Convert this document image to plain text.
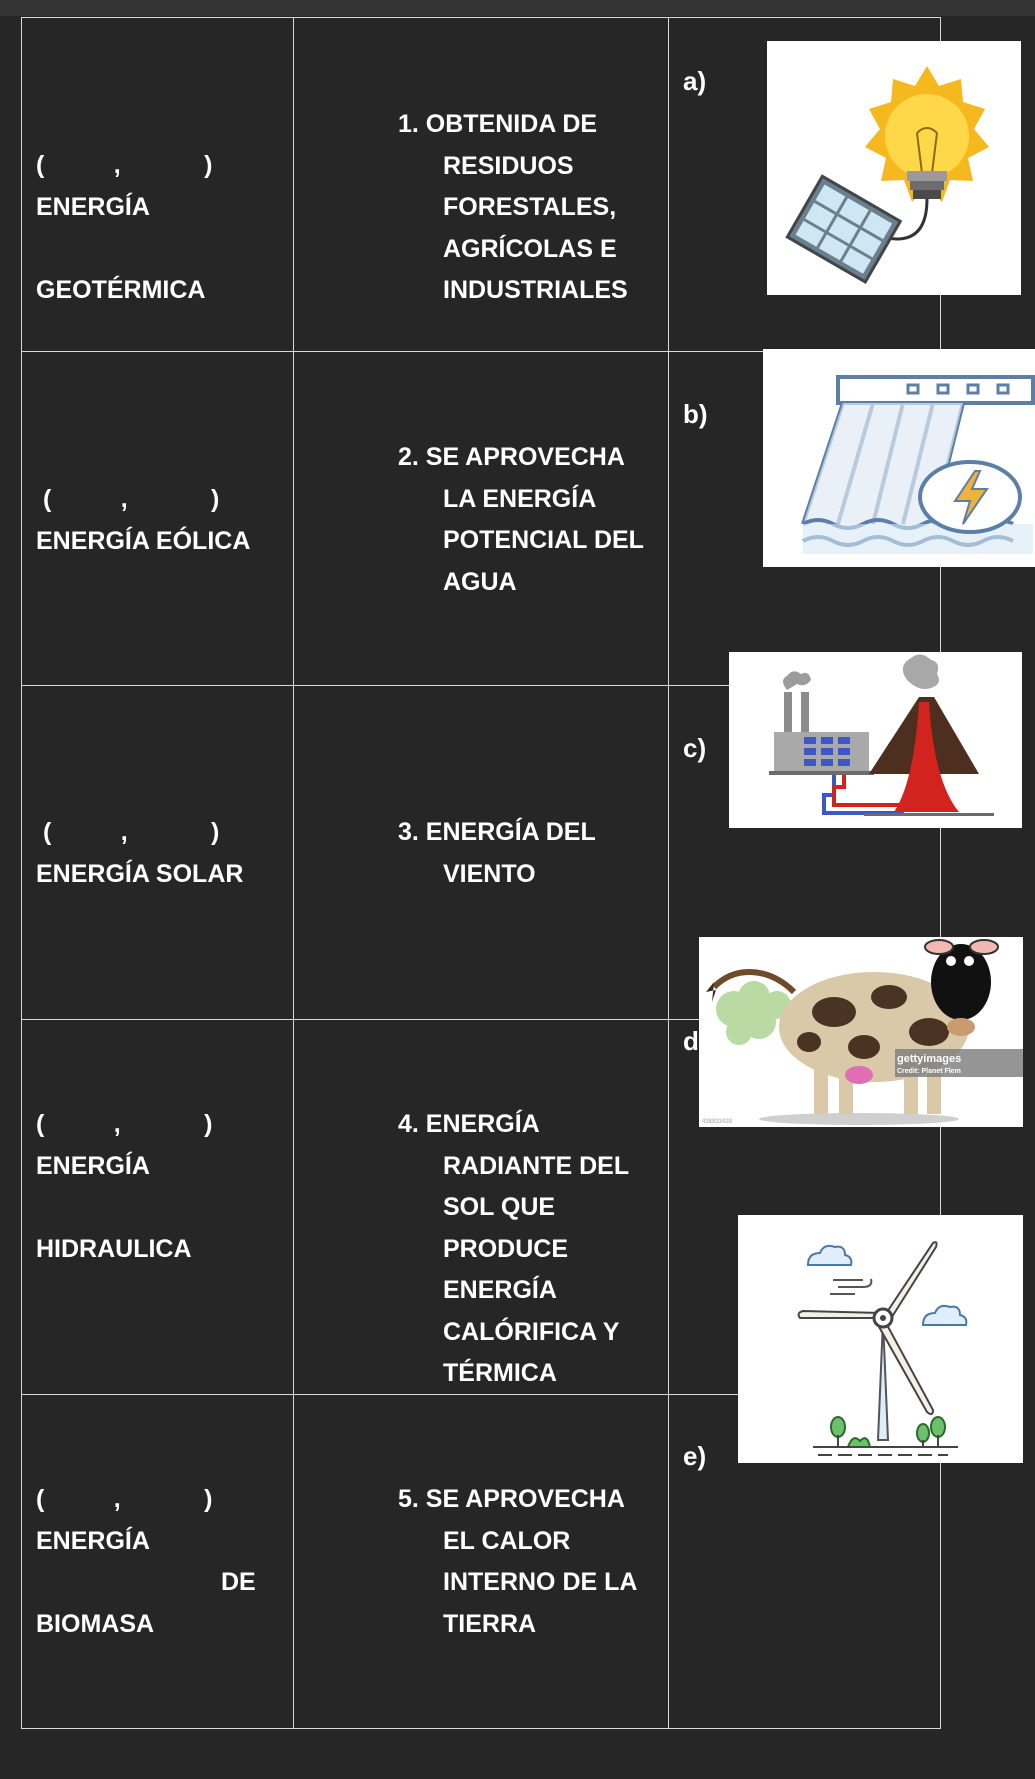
(          ,            )
ENERGÍA
GEOTÉRMICA
1. OBTENIDA DE
RESIDUOS
FORESTALES,
AGRÍCOLAS E
INDUSTRIALES
a)
(          ,            )
ENERGÍA EÓLICA
2. SE APROVECHA
LA ENERGÍA
POTENCIAL DEL
AGUA
b)
(          ,            )
ENERGÍA SOLAR
3. ENERGÍA DEL
VIENTO
c)
(          ,            )
ENERGÍA
HIDRAULICA
4. ENERGÍA
RADIANTE DEL
SOL QUE
PRODUCE
ENERGÍA
CALÓRIFICA Y
TÉRMICA
d
(          ,            )
ENERGÍA
DE
BIOMASA
5. SE APROVECHA
EL CALOR
INTERNO DE LA
TIERRA
e)
gettyimages
Credit: Planet Flem
438933438
